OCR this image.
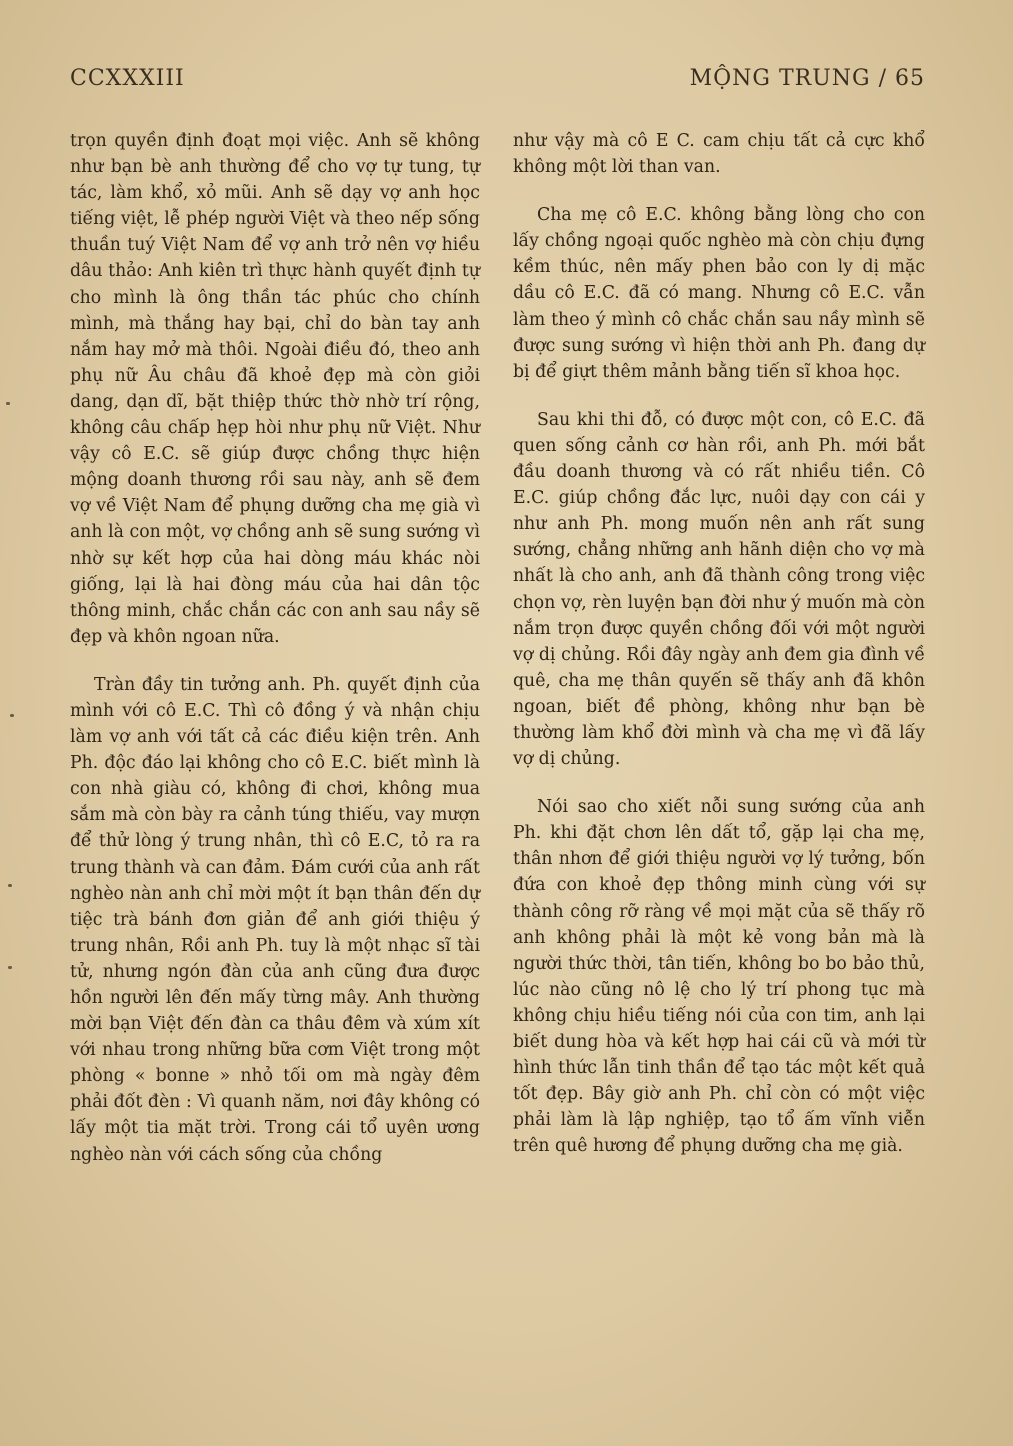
CCXXXIII	MỘNG TRUNG / 65

trọn quyền định đoạt mọi việc. Anh sẽ không như bạn bè anh thường để cho vợ tự tung, tự tác, làm khổ, xỏ mũi. Anh sẽ dạy vợ anh học tiếng việt, lễ phép người Việt và theo nếp sống thuần tuý Việt Nam để vợ anh trở nên vợ hiều dâu thảo: Anh kiên trì thực hành quyết định tự cho mình là ông thần tác phúc cho chính mình, mà thắng hay bại, chỉ do bàn tay anh nắm hay mở mà thôi. Ngoài điều đó, theo anh phụ nữ Âu châu đã khoẻ đẹp mà còn giỏi dang, dạn dĩ, bặt thiệp thức thờ nhờ trí rộng, không câu chấp hẹp hòi như phụ nữ Việt. Như vậy cô E.C. sẽ giúp được chồng thực hiện mộng doanh thương rồi sau này, anh sẽ đem vợ về Việt Nam để phụng dưỡng cha mẹ già vì anh là con một, vợ chồng anh sẽ sung sướng vì nhờ sự kết hợp của hai dòng máu khác nòi giống, lại là hai đòng máu của hai dân tộc thông minh, chắc chắn các con anh sau nầy sẽ đẹp và khôn ngoan nữa.

Tràn đầy tin tưởng anh. Ph. quyết định của mình với cô E.C. Thì cô đồng ý và nhận chịu làm vợ anh với tất cả các điều kiện trên. Anh Ph. độc đáo lại không cho cô E.C. biết mình là con nhà giàu có, không đi chơi, không mua sắm mà còn bày ra cảnh túng thiếu, vay mượn để thử lòng ý trung nhân, thì cô E.C, tỏ ra ra trung thành và can đảm. Đám cưới của anh rất nghèo nàn anh chỉ mời một ít bạn thân đến dự tiệc trà bánh đơn giản để anh giới thiệu ý trung nhân, Rồi anh Ph. tuy là một nhạc sĩ tài tử, nhưng ngón đàn của anh cũng đưa được hồn người lên đến mấy từng mây. Anh thường mời bạn Việt đến đàn ca thâu đêm và xúm xít với nhau trong những bữa cơm Việt trong một phòng « bonne » nhỏ tối om mà ngày đêm phải đốt đèn : Vì quanh năm, nơi đây không có lấy một tia mặt trời. Trong cái tổ uyên ương nghèo nàn với cách sống của chồng

như vậy mà cô E C. cam chịu tất cả cực khổ không một lời than van.

Cha mẹ cô E.C. không bằng lòng cho con lấy chồng ngoại quốc nghèo mà còn chịu đựng kềm thúc, nên mấy phen bảo con ly dị mặc dầu cô E.C. đã có mang. Nhưng cô E.C. vẫn làm theo ý mình cô chắc chắn sau nầy mình sẽ được sung sướng vì hiện thời anh Ph. đang dự bị để giựt thêm mảnh bằng tiến sĩ khoa học.

Sau khi thi đỗ, có được một con, cô E.C. đã quen sống cảnh cơ hàn rồi, anh Ph. mới bắt đầu doanh thương và có rất nhiều tiền. Cô E.C. giúp chồng đắc lực, nuôi dạy con cái y như anh Ph. mong muốn nên anh rất sung sướng, chẳng những anh hãnh diện cho vợ mà nhất là cho anh, anh đã thành công trong việc chọn vợ, rèn luyện bạn đời như ý muốn mà còn nắm trọn được quyền chồng đối với một người vợ dị chủng. Rồi đây ngày anh đem gia đình về quê, cha mẹ thân quyến sẽ thấy anh đã khôn ngoan, biết đề phòng, không như bạn bè thường làm khổ đời mình và cha mẹ vì đã lấy vợ dị chủng.

Nói sao cho xiết nỗi sung sướng của anh Ph. khi đặt chơn lên dất tổ, gặp lại cha mẹ, thân nhơn để giới thiệu người vợ lý tưởng, bốn đứa con khoẻ đẹp thông minh cùng với sự thành công rỡ ràng về mọi mặt của sẽ thấy rõ anh không phải là một kẻ vong bản mà là người thức thời, tân tiến, không bo bo bảo thủ, lúc nào cũng nô lệ cho lý trí phong tục mà không chịu hiều tiếng nói của con tim, anh lại biết dung hòa và kết hợp hai cái cũ và mới từ hình thức lẫn tinh thần để tạo tác một kết quả tốt đẹp. Bây giờ anh Ph. chỉ còn có một việc phải làm là lập nghiệp, tạo tổ ấm vĩnh viễn trên quê hương để phụng dưỡng cha mẹ già.
